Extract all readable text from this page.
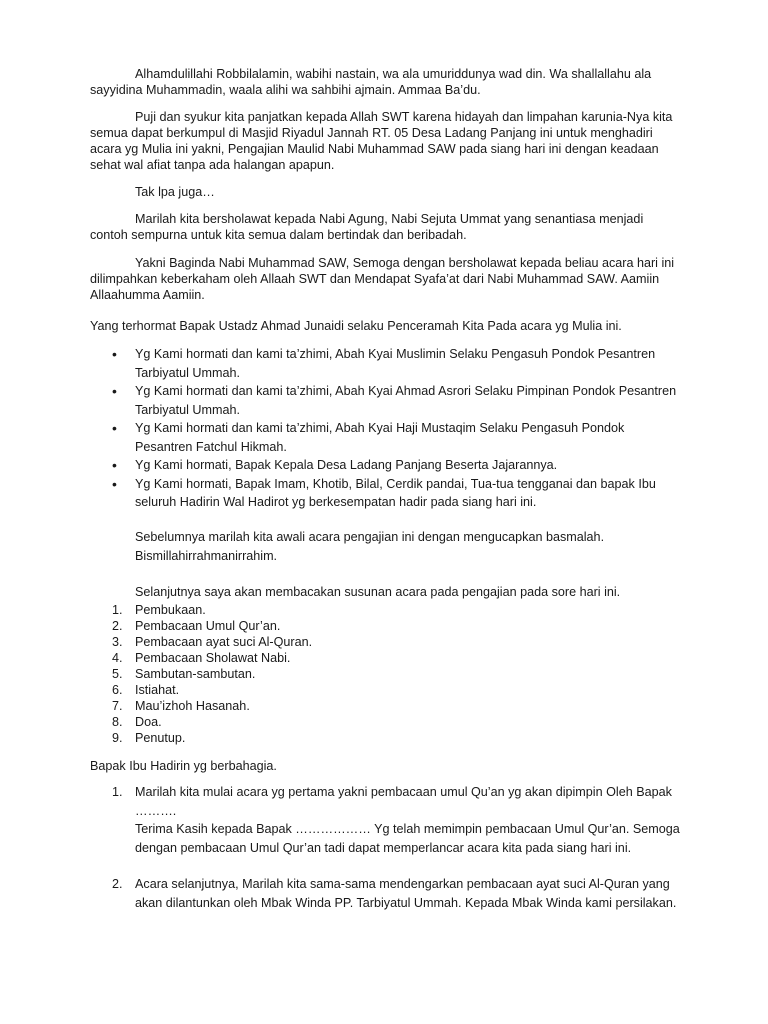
Alhamdulillahi Robbilalamin, wabihi nastain, wa ala umuriddunya wad din. Wa shallallahu ala sayyidina Muhammadin, waala alihi wa sahbihi ajmain. Ammaa Ba’du.

Puji dan syukur kita panjatkan kepada Allah SWT karena hidayah dan limpahan karunia-Nya kita semua dapat berkumpul di Masjid Riyadul Jannah RT. 05 Desa Ladang Panjang ini untuk menghadiri acara yg Mulia ini yakni, Pengajian Maulid Nabi Muhammad SAW pada siang hari ini dengan keadaan sehat wal afiat tanpa ada halangan apapun.

Tak lpa juga…

Marilah kita bersholawat kepada Nabi Agung, Nabi Sejuta Ummat yang senantiasa menjadi contoh sempurna untuk kita semua dalam bertindak dan beribadah.

Yakni Baginda Nabi Muhammad SAW, Semoga dengan bersholawat kepada beliau acara hari ini dilimpahkan keberkaham oleh Allaah SWT dan Mendapat Syafa’at dari Nabi Muhammad SAW. Aamiin Allaahumma Aamiin.

Yang terhormat Bapak Ustadz Ahmad Junaidi selaku Penceramah Kita Pada acara yg Mulia ini.

• Yg Kami hormati dan kami ta’zhimi, Abah Kyai Muslimin Selaku Pengasuh Pondok Pesantren Tarbiyatul Ummah.
• Yg Kami hormati dan kami ta’zhimi, Abah Kyai Ahmad Asrori Selaku Pimpinan Pondok Pesantren Tarbiyatul Ummah.
• Yg Kami hormati dan kami ta’zhimi, Abah Kyai Haji Mustaqim Selaku Pengasuh Pondok Pesantren Fatchul Hikmah.
• Yg Kami hormati, Bapak Kepala Desa Ladang Panjang Beserta Jajarannya.
• Yg Kami hormati, Bapak Imam, Khotib, Bilal, Cerdik pandai, Tua-tua tengganai dan bapak Ibu seluruh Hadirin Wal Hadirot yg berkesempatan hadir pada siang hari ini.
Sebelumnya marilah kita awali acara pengajian ini dengan mengucapkan basmalah.
Bismillahirrahmanirrahim.

Selanjutnya saya akan membacakan susunan acara pada pengajian pada sore hari ini.

1. Pembukaan.
2. Pembacaan Umul Qur’an.
3. Pembacaan ayat suci Al-Quran.
4. Pembacaan Sholawat Nabi.
5. Sambutan-sambutan.
6. Istiahat.
7. Mau’izhoh Hasanah.
8. Doa.
9. Penutup.

Bapak Ibu Hadirin yg berbahagia.

1. Marilah kita mulai acara yg pertama yakni pembacaan umul Qu’an yg akan dipimpin Oleh Bapak ……….
Terima Kasih kepada Bapak ……………… Yg telah memimpin pembacaan Umul Qur’an. Semoga dengan pembacaan Umul Qur’an tadi dapat memperlancar acara kita pada siang hari ini.
2. Acara selanjutnya, Marilah kita sama-sama mendengarkan pembacaan ayat suci Al-Quran yang akan dilantunkan oleh Mbak Winda PP. Tarbiyatul Ummah. Kepada Mbak Winda kami persilakan.
